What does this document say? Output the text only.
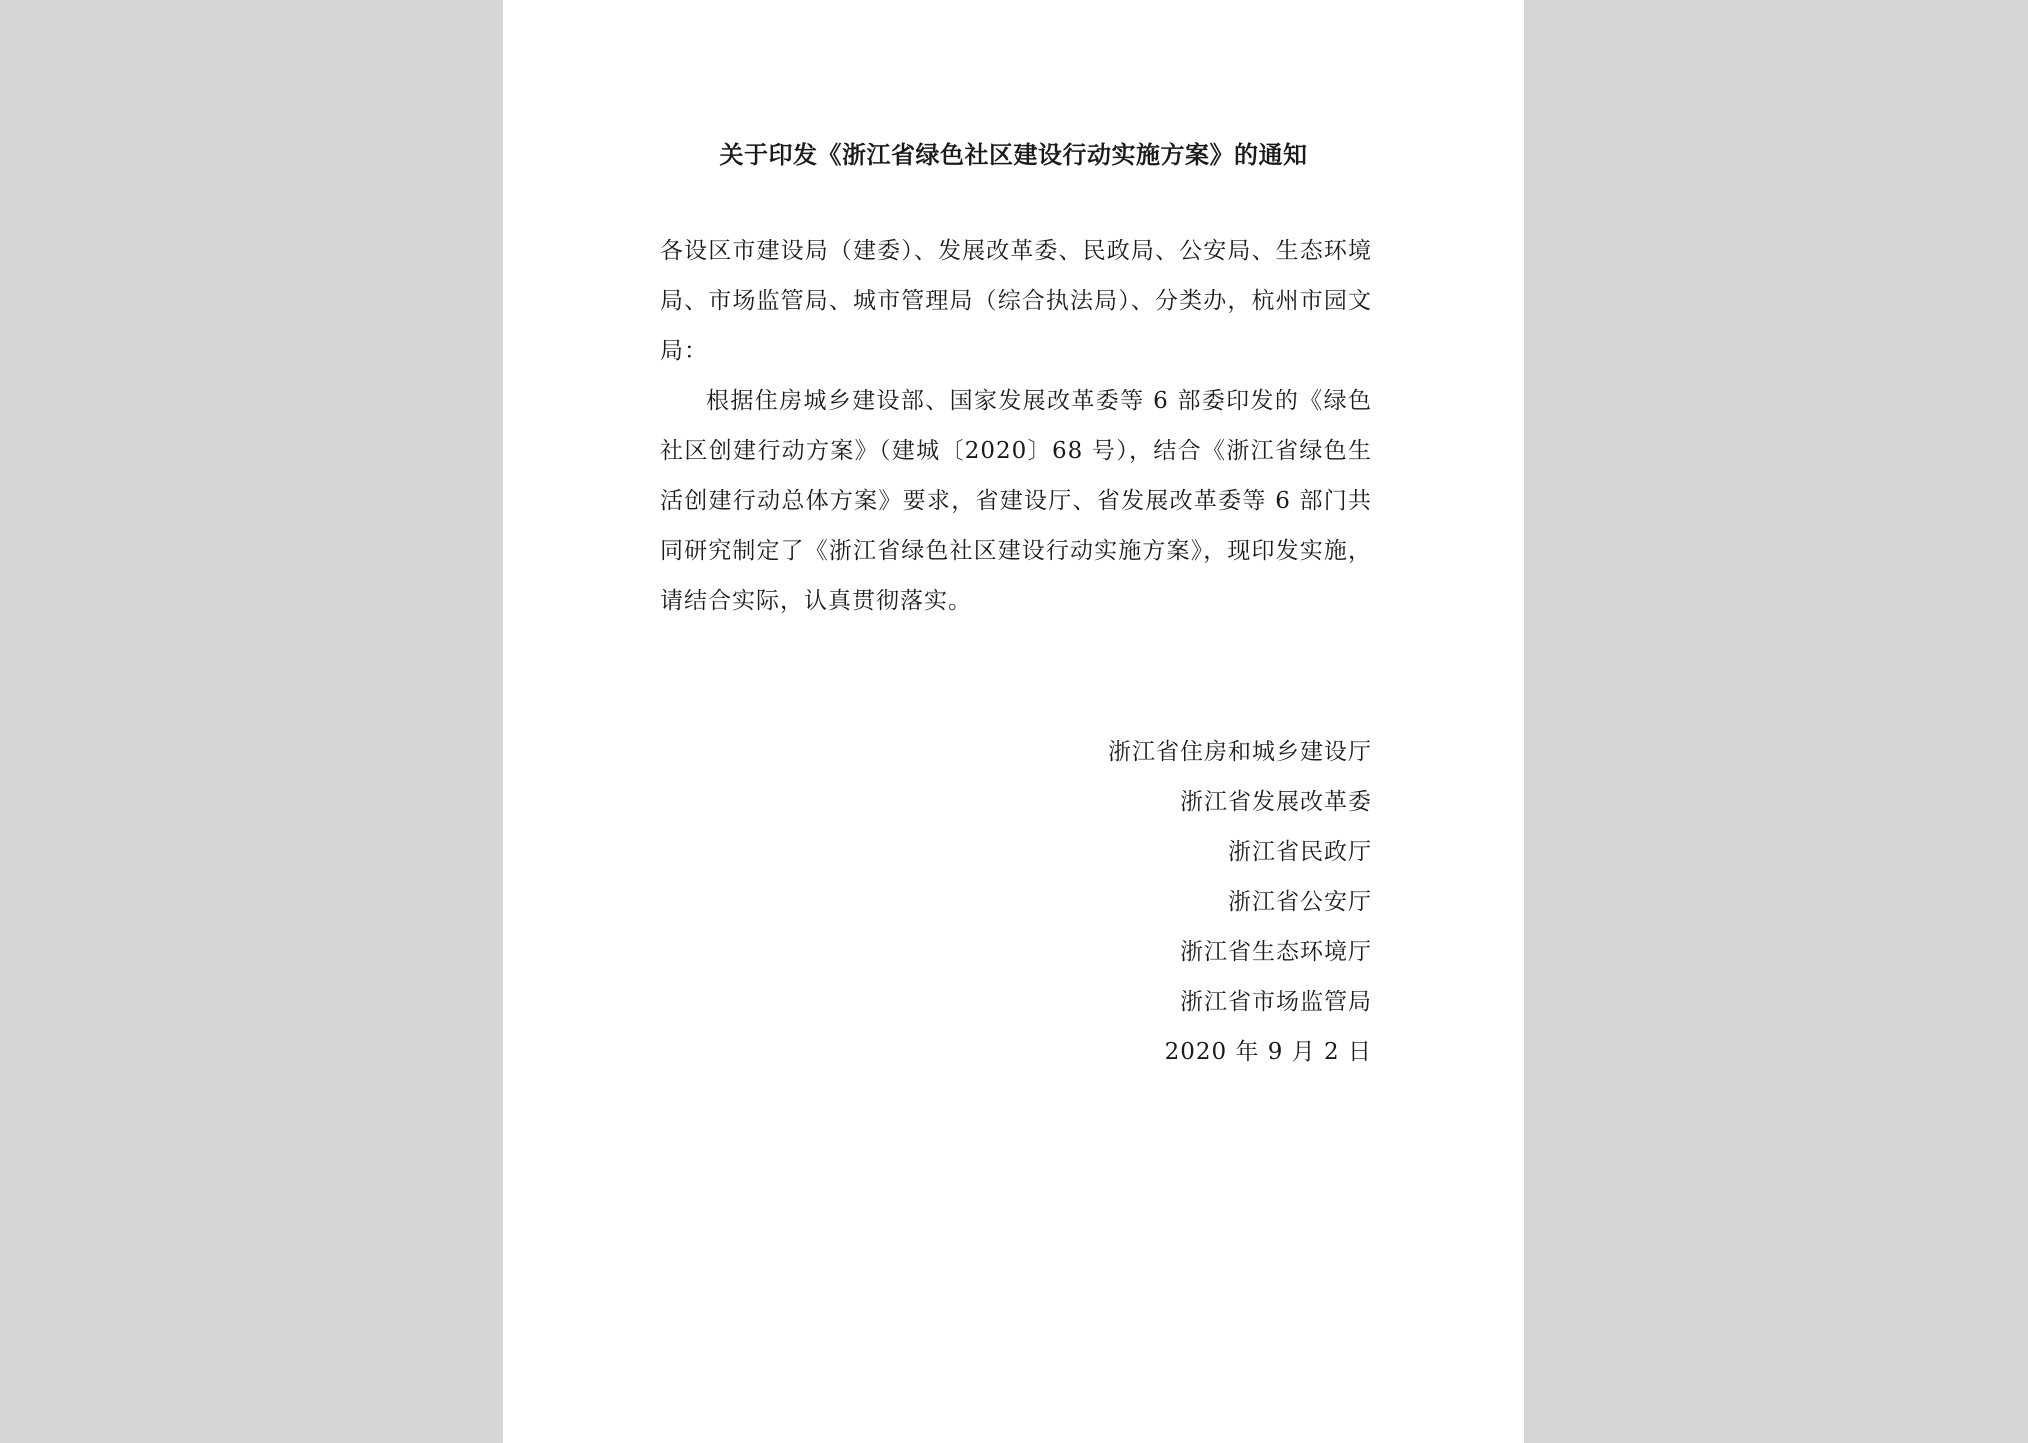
关于印发《浙江省绿色社区建设行动实施方案》的通知

各设区市建设局（建委）、发展改革委、民政局、公安局、生态环境局、市场监管局、城市管理局（综合执法局）、分类办，杭州市园文局：

根据住房城乡建设部、国家发展改革委等 6 部委印发的《绿色社区创建行动方案》（建城〔2020〕68 号），结合《浙江省绿色生活创建行动总体方案》要求，省建设厅、省发展改革委等 6 部门共同研究制定了《浙江省绿色社区建设行动实施方案》，现印发实施，请结合实际，认真贯彻落实。

浙江省住房和城乡建设厅
浙江省发展改革委
浙江省民政厅
浙江省公安厅
浙江省生态环境厅
浙江省市场监管局
2020 年 9 月 2 日
